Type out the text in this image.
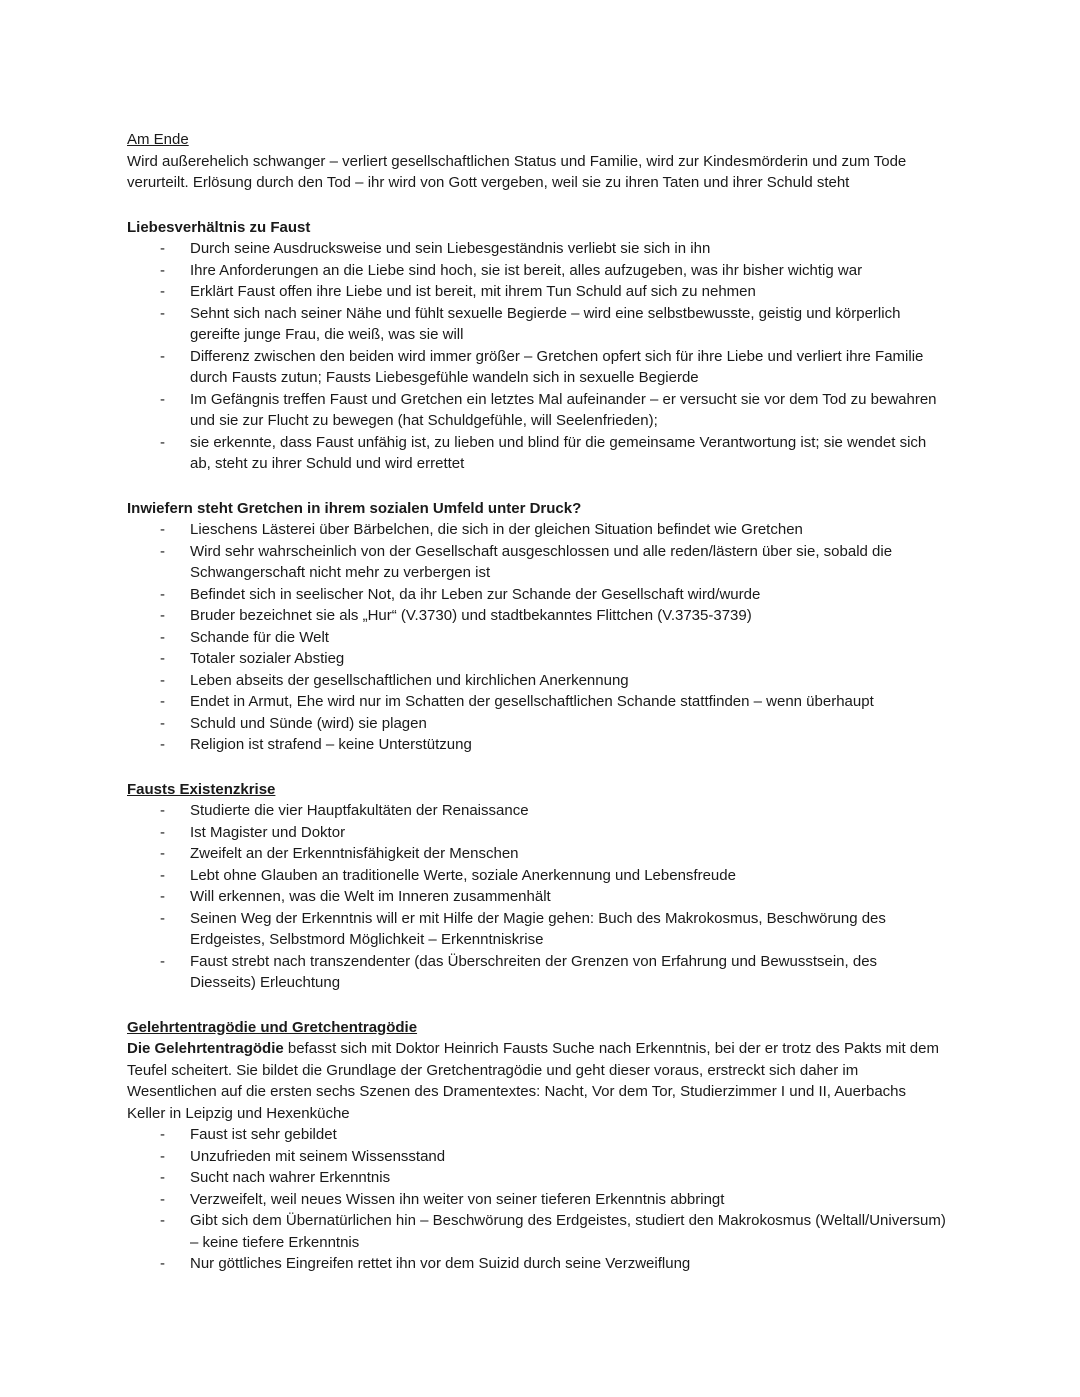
Am Ende

Wird außerehelich schwanger – verliert gesellschaftlichen Status und Familie, wird zur Kindesmörderin und zum Tode verurteilt. Erlösung durch den Tod – ihr wird von Gott vergeben, weil sie zu ihren Taten und ihrer Schuld steht

Liebesverhältnis zu Faust
-	Durch seine Ausdrucksweise und sein Liebesgeständnis verliebt sie sich in ihn
-	Ihre Anforderungen an die Liebe sind hoch, sie ist bereit, alles aufzugeben, was ihr bisher wichtig war
-	Erklärt Faust offen ihre Liebe und ist bereit, mit ihrem Tun Schuld auf sich zu nehmen
-	Sehnt sich nach seiner Nähe und fühlt sexuelle Begierde – wird eine selbstbewusste, geistig und körperlich gereifte junge Frau, die weiß, was sie will
-	Differenz zwischen den beiden wird immer größer – Gretchen opfert sich für ihre Liebe und verliert ihre Familie durch Fausts zutun; Fausts Liebesgefühle wandeln sich in sexuelle Begierde
-	Im Gefängnis treffen Faust und Gretchen ein letztes Mal aufeinander – er versucht sie vor dem Tod zu bewahren und sie zur Flucht zu bewegen (hat Schuldgefühle, will Seelenfrieden);
-	sie erkennte, dass Faust unfähig ist, zu lieben und blind für die gemeinsame Verantwortung ist; sie wendet sich ab, steht zu ihrer Schuld und wird errettet
Inwiefern steht Gretchen in ihrem sozialen Umfeld unter Druck?
-	Lieschens Lästerei über Bärbelchen, die sich in der gleichen Situation befindet wie Gretchen
-	Wird sehr wahrscheinlich von der Gesellschaft ausgeschlossen und alle reden/lästern über sie, sobald die Schwangerschaft nicht mehr zu verbergen ist
-	Befindet sich in seelischer Not, da ihr Leben zur Schande der Gesellschaft wird/wurde
-	Bruder bezeichnet sie als „Hur“ (V.3730) und stadtbekanntes Flittchen (V.3735-3739)
-	Schande für die Welt
-	Totaler sozialer Abstieg
-	Leben abseits der gesellschaftlichen und kirchlichen Anerkennung
-	Endet in Armut, Ehe wird nur im Schatten der gesellschaftlichen Schande stattfinden – wenn überhaupt
-	Schuld und Sünde (wird) sie plagen
-	Religion ist strafend – keine Unterstützung
Fausts Existenzkrise
-	Studierte die vier Hauptfakultäten der Renaissance
-	Ist Magister und Doktor
-	Zweifelt an der Erkenntnisfähigkeit der Menschen
-	Lebt ohne Glauben an traditionelle Werte, soziale Anerkennung und Lebensfreude
-	Will erkennen, was die Welt im Inneren zusammenhält
-	Seinen Weg der Erkenntnis will er mit Hilfe der Magie gehen: Buch des Makrokosmus, Beschwörung des Erdgeistes, Selbstmord Möglichkeit – Erkenntniskrise
-	Faust strebt nach transzendenter (das Überschreiten der Grenzen von Erfahrung und Bewusstsein, des Diesseits) Erleuchtung
Gelehrtentragödie und Gretchentragödie

Die Gelehrtentragödie befasst sich mit Doktor Heinrich Fausts Suche nach Erkenntnis, bei der er trotz des Pakts mit dem Teufel scheitert. Sie bildet die Grundlage der Gretchentragödie und geht dieser voraus, erstreckt sich daher im Wesentlichen auf die ersten sechs Szenen des Dramentextes: Nacht, Vor dem Tor, Studierzimmer I und II, Auerbachs Keller in Leipzig und Hexenküche

-	Faust ist sehr gebildet
-	Unzufrieden mit seinem Wissensstand
-	Sucht nach wahrer Erkenntnis
-	Verzweifelt, weil neues Wissen ihn weiter von seiner tieferen Erkenntnis abbringt
-	Gibt sich dem Übernatürlichen hin – Beschwörung des Erdgeistes, studiert den Makrokosmus (Weltall/Universum) – keine tiefere Erkenntnis
-	Nur göttliches Eingreifen rettet ihn vor dem Suizid durch seine Verzweiflung
